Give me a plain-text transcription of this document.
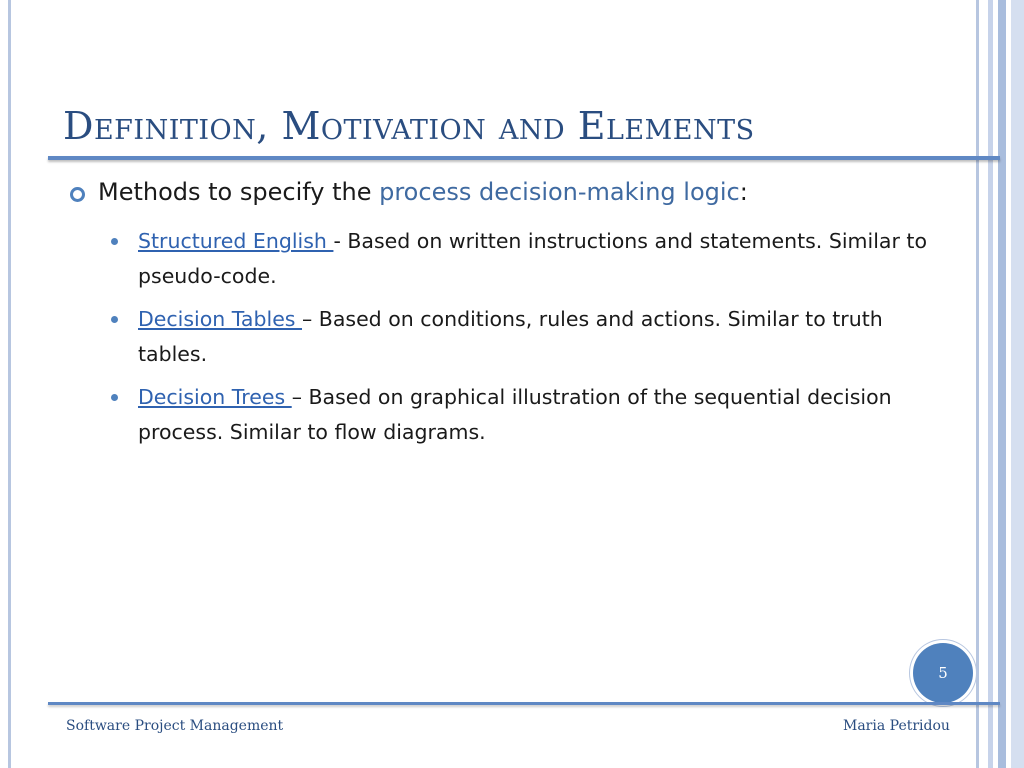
Definition, Motivation and Elements
Methods to specify the process decision-making logic:
Structured English - Based on written instructions and statements. Similar to pseudo-code.
Decision Tables – Based on conditions, rules and actions. Similar to truth tables.
Decision Trees – Based on graphical illustration of the sequential decision process. Similar to flow diagrams.
5
Software Project Management	Maria Petridou
